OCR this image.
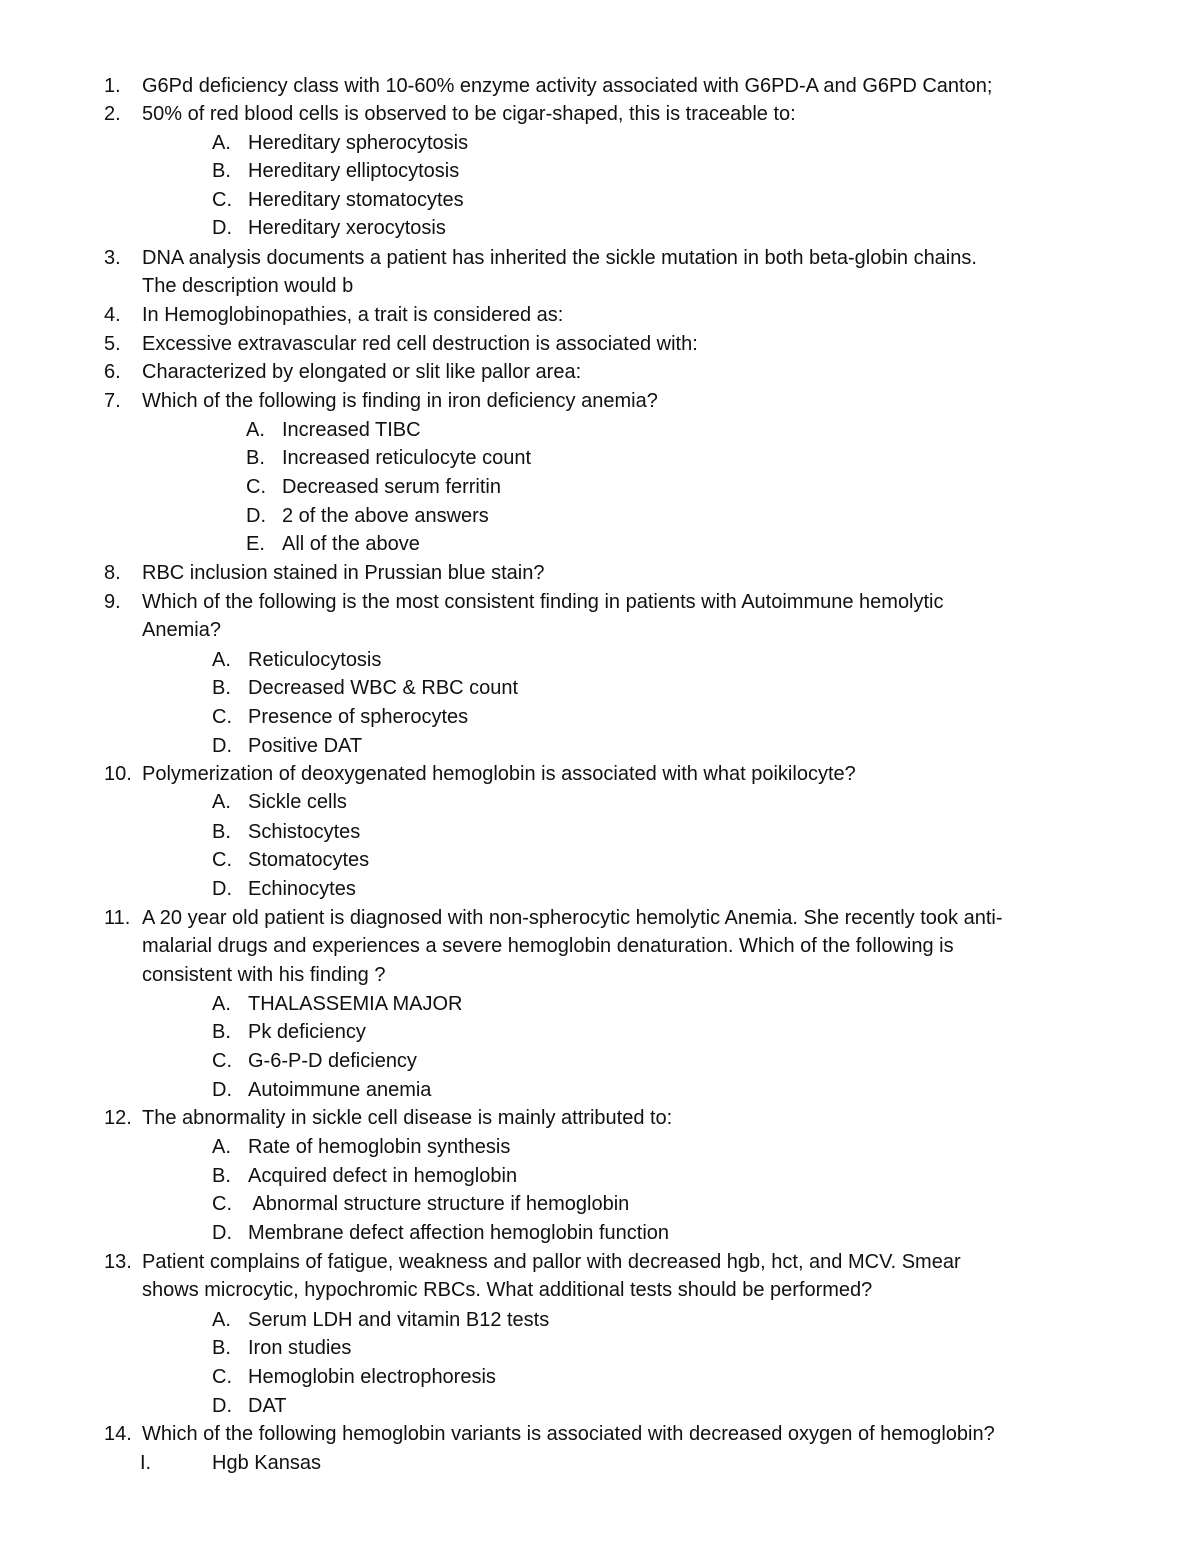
1. G6Pd deficiency class with 10-60% enzyme activity associated with G6PD-A and G6PD Canton;
2. 50% of red blood cells is observed to be cigar-shaped, this is traceable to:
A. Hereditary spherocytosis
B. Hereditary elliptocytosis
C. Hereditary stomatocytes
D. Hereditary xerocytosis
3. DNA analysis documents a patient has inherited the sickle mutation in both beta-globin chains.
The description would b
4. In Hemoglobinopathies, a trait is considered as:
5. Excessive extravascular red cell destruction is associated with:
6. Characterized by elongated or slit like pallor area:
7. Which of the following is finding in iron deficiency anemia?
A. Increased TIBC
B. Increased reticulocyte count
C. Decreased serum ferritin
D. 2 of the above answers
E. All of the above
8. RBC inclusion stained in Prussian blue stain?
9. Which of the following is the most consistent finding in patients with Autoimmune hemolytic
Anemia?
A. Reticulocytosis
B. Decreased WBC & RBC count
C. Presence of spherocytes
D. Positive DAT
10. Polymerization of deoxygenated hemoglobin is associated with what poikilocyte?
A. Sickle cells
B. Schistocytes
C. Stomatocytes
D. Echinocytes
11. A 20 year old patient is diagnosed with non-spherocytic hemolytic Anemia. She recently took anti-
malarial drugs and experiences a severe hemoglobin denaturation. Which of the following is
consistent with his finding ?
A. THALASSEMIA MAJOR
B. Pk deficiency
C. G-6-P-D deficiency
D. Autoimmune anemia
12. The abnormality in sickle cell disease is mainly attributed to:
A. Rate of hemoglobin synthesis
B. Acquired defect in hemoglobin
C. Abnormal structure structure if hemoglobin
D. Membrane defect affection hemoglobin function
13. Patient complains of fatigue, weakness and pallor with decreased hgb, hct, and MCV. Smear
shows microcytic, hypochromic RBCs. What additional tests should be performed?
A. Serum LDH and vitamin B12 tests
B. Iron studies
C. Hemoglobin electrophoresis
D. DAT
14. Which of the following hemoglobin variants is associated with decreased oxygen of hemoglobin?
I.	Hgb Kansas
